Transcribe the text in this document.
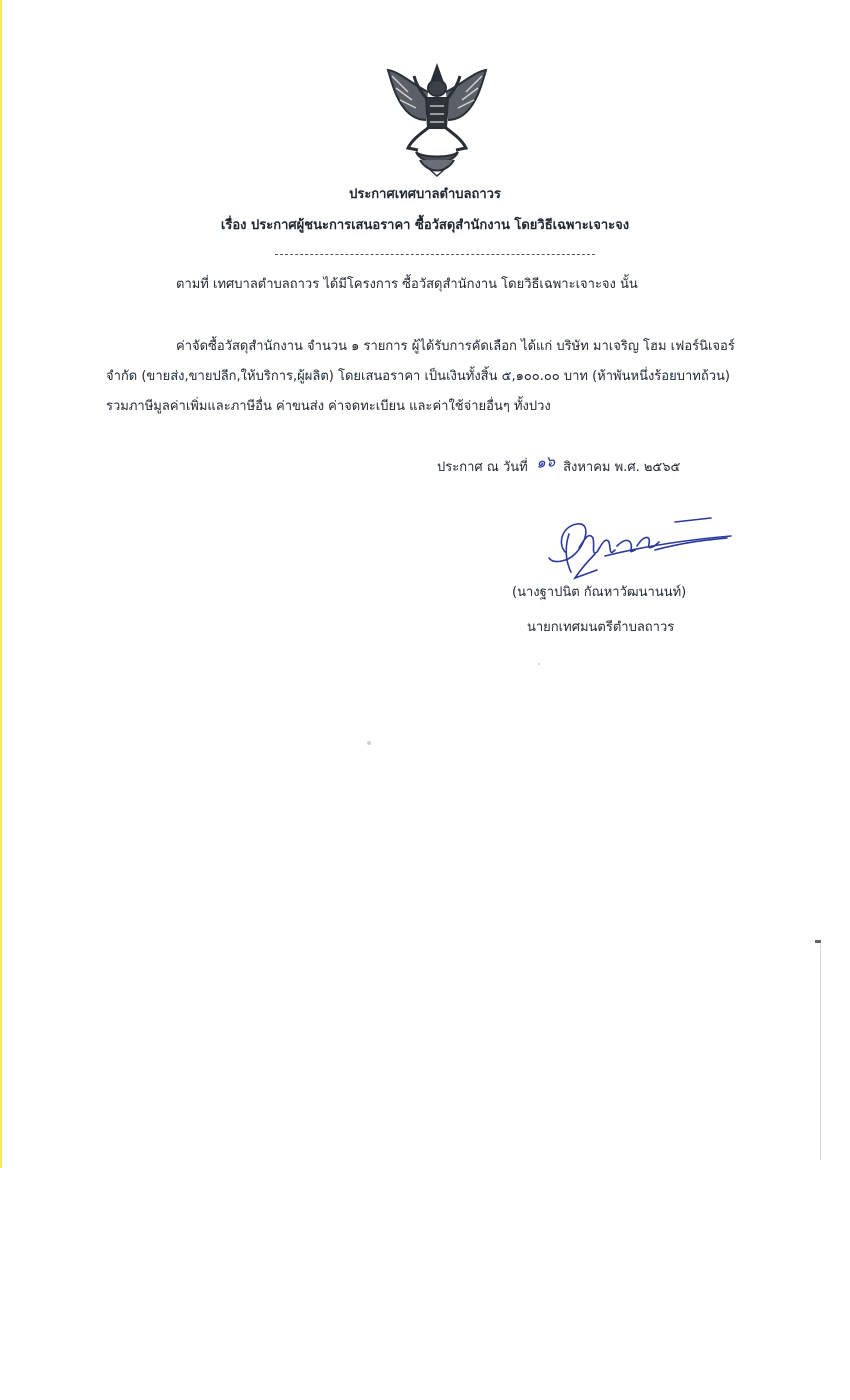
ประกาศเทศบาลตำบลถาวร
เรื่อง ประกาศผู้ชนะการเสนอราคา ซื้อวัสดุสำนักงาน โดยวิธีเฉพาะเจาะจง
ตามที่ เทศบาลตำบลถาวร ได้มีโครงการ ซื้อวัสดุสำนักงาน โดยวิธีเฉพาะเจาะจง นั้น
ค่าจัดซื้อวัสดุสำนักงาน จำนวน ๑ รายการ ผู้ได้รับการคัดเลือก ได้แก่ บริษัท มาเจริญ โฮม เฟอร์นิเจอร์
จำกัด (ขายส่ง,ขายปลีก,ให้บริการ,ผู้ผลิต) โดยเสนอราคา เป็นเงินทั้งสิ้น ๕,๑๐๐.๐๐ บาท (ห้าพันหนึ่งร้อยบาทถ้วน)
รวมภาษีมูลค่าเพิ่มและภาษีอื่น ค่าขนส่ง ค่าจดทะเบียน และค่าใช้จ่ายอื่นๆ ทั้งปวง
ประกาศ ณ วันที่ ๑๖ สิงหาคม พ.ศ. ๒๕๖๕
(นางฐาปนิต กัณหาวัฒนานนท์)
นายกเทศมนตรีตำบลถาวร
